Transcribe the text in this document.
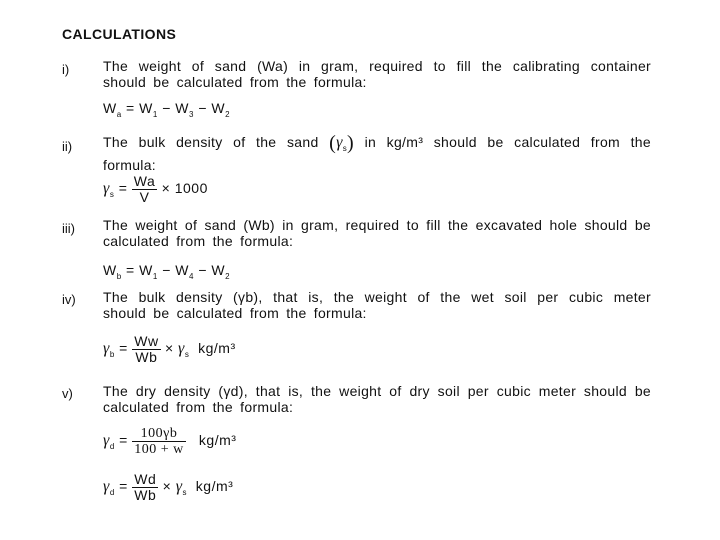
CALCULATIONS
i) The weight of sand (Wa) in gram, required to fill the calibrating container should be calculated from the formula:
$W_a = W_1 - W_3 - W_2$
ii) The bulk density of the sand $(\gamma_s)$ in kg/m³ should be calculated from the formula:
$\gamma_s = \frac{Wa}{V} \times 1000$
iii) The weight of sand (Wb) in gram, required to fill the excavated hole should be calculated from the formula:
$W_b = W_1 - W_4 - W_2$
iv) The bulk density (γb), that is, the weight of the wet soil per cubic meter should be calculated from the formula:
$\gamma_b = \frac{Ww}{Wb} \times \gamma_s$ kg/m³
v) The dry density (γd), that is, the weight of dry soil per cubic meter should be calculated from the formula:
$\gamma_d = \frac{100\gamma b}{100 + w} kg/m^3$
$\gamma_d = \frac{Wd}{Wb} \times \gamma_s$ kg/m³
